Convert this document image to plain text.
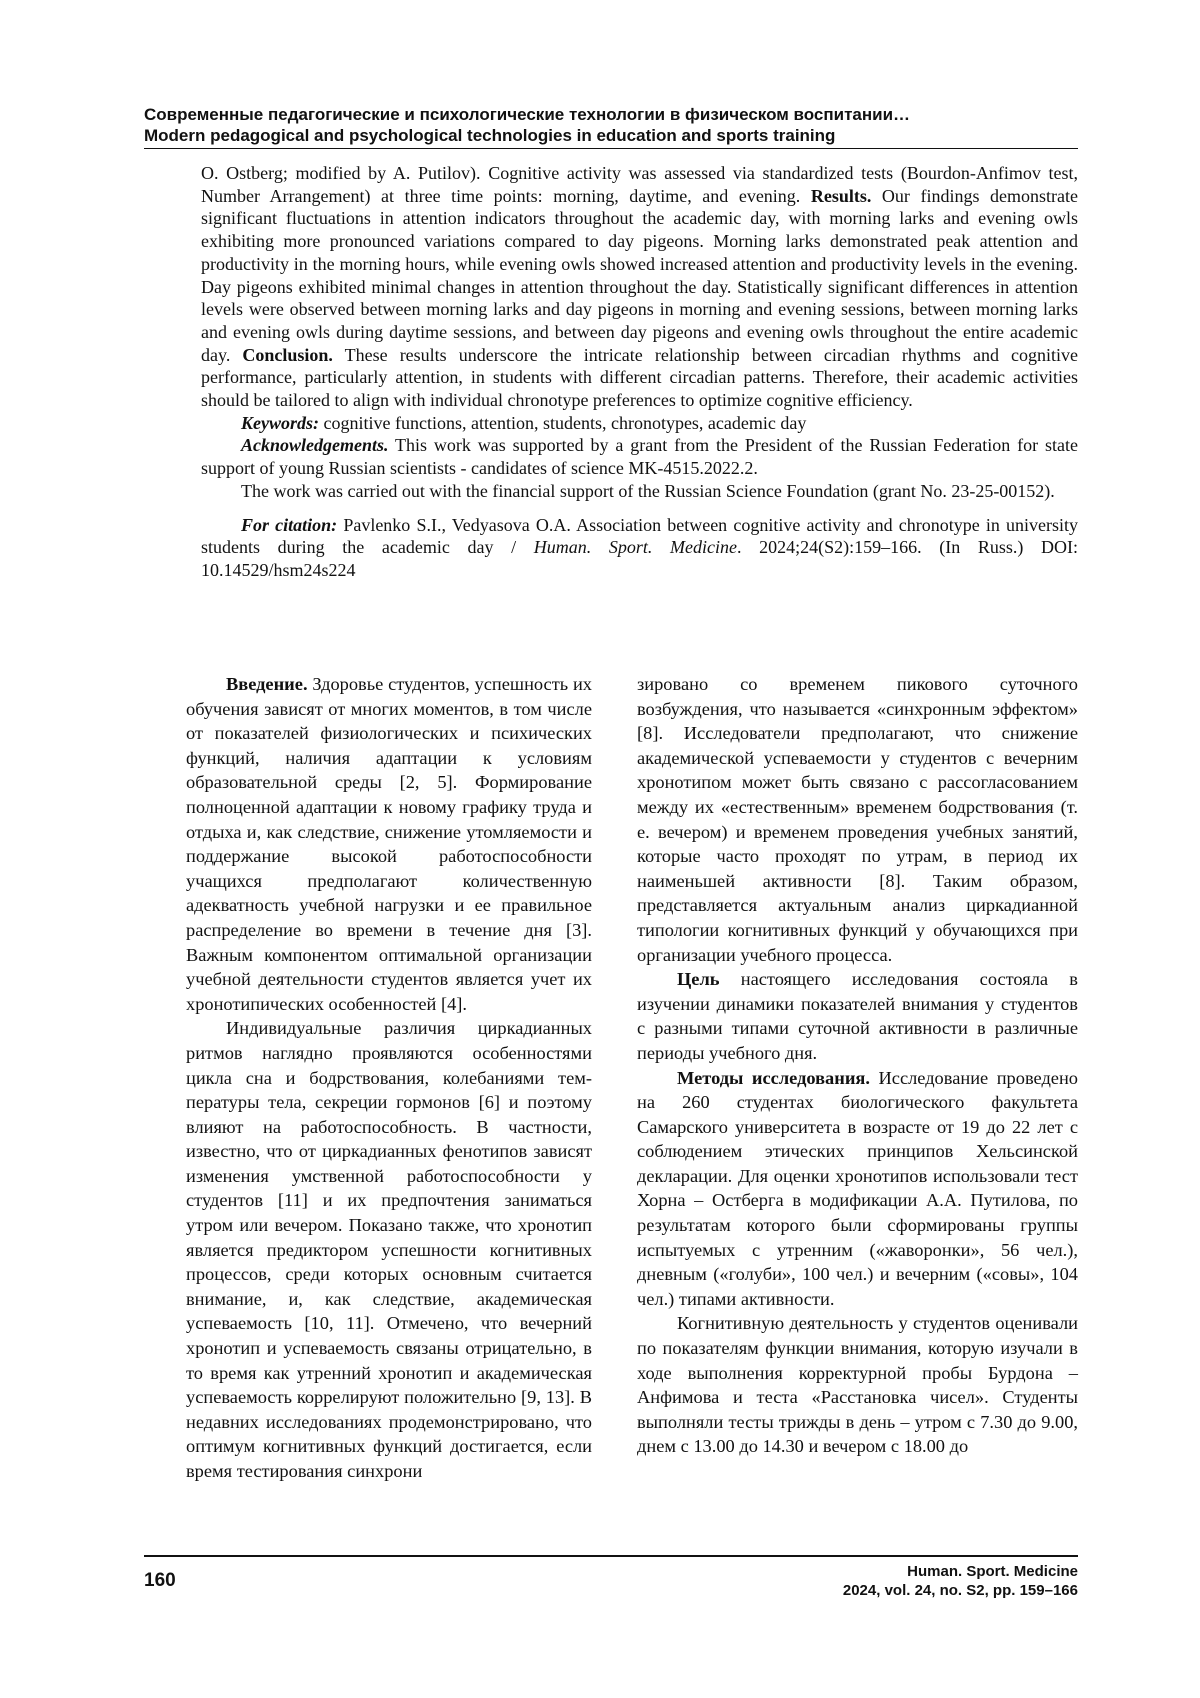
Современные педагогические и психологические технологии в физическом воспитании…
Modern pedagogical and psychological technologies in education and sports training

O. Ostberg; modified by A. Putilov). Cognitive activity was assessed via standardized tests (Bourdon-Anfimov test, Number Arrangement) at three time points: morning, daytime, and evening. Results. Our findings demonstrate significant fluctuations in attention indicators throughout the academic day, with morning larks and evening owls exhibiting more pronounced variations compared to day pigeons. Morning larks demonstrated peak attention and productivity in the morning hours, while evening owls showed increased attention and productivity levels in the evening. Day pigeons exhibited minimal changes in attention throughout the day. Statistically significant differences in attention levels were observed between morning larks and day pigeons in morning and evening sessions, between morning larks and evening owls during daytime sessions, and between day pigeons and evening owls throughout the entire academic day. Conclusion. These results underscore the intricate relationship between circadian rhythms and cognitive performance, particularly attention, in students with different circadian patterns. Therefore, their academic activities should be tailored to align with individual chronotype preferences to optimize cognitive efficiency.

Keywords: cognitive functions, attention, students, chronotypes, academic day

Acknowledgements. This work was supported by a grant from the President of the Russian Federation for state support of young Russian scientists - candidates of science MK-4515.2022.2.

The work was carried out with the financial support of the Russian Science Foundation (grant No. 23-25-00152).

For citation: Pavlenko S.I., Vedyasova O.A. Association between cognitive activity and chronotype in university students during the academic day / Human. Sport. Medicine. 2024;24(S2):159–166. (In Russ.) DOI: 10.14529/hsm24s224

Введение. Здоровье студентов, успешность их обучения зависят от многих моментов, в том числе от показателей физиологических и психических функций, наличия адаптации к условиям образовательной среды [2, 5]. Формирование полноценной адаптации к новому графику труда и отдыха и, как следствие, снижение утомляемости и поддержание высокой работоспособности учащихся предполагают количественную адекватность учебной нагрузки и ее правильное распределение во времени в течение дня [3]. Важным компонентом оптимальной организации учебной деятельности студентов является учет их хронотипических особенностей [4].

Индивидуальные различия циркадианных ритмов наглядно проявляются особенностями цикла сна и бодрствования, колебаниями температуры тела, секреции гормонов [6] и поэтому влияют на работоспособность. В частности, известно, что от циркадианных фенотипов зависят изменения умственной работоспособности у студентов [11] и их предпочтения заниматься утром или вечером. Показано также, что хронотип является предиктором успешности когнитивных процессов, среди которых основным считается внимание, и, как следствие, академическая успеваемость [10, 11]. Отмечено, что вечерний хронотип и успеваемость связаны отрицательно, в то время как утренний хронотип и академическая успеваемость коррелируют положительно [9, 13]. В недавних исследованиях продемонстрировано, что оптимум когнитивных функций достигается, если время тестирования синхрони

зировано со временем пикового суточного возбуждения, что называется «синхронным эффектом» [8]. Исследователи предполагают, что снижение академической успеваемости у студентов с вечерним хронотипом может быть связано с рассогласованием между их «естественным» временем бодрствования (т. е. вечером) и временем проведения учебных занятий, которые часто проходят по утрам, в период их наименьшей активности [8]. Таким образом, представляется актуальным анализ циркадианной типологии когнитивных функций у обучающихся при организации учебного процесса.

Цель настоящего исследования состояла в изучении динамики показателей внимания у студентов с разными типами суточной активности в различные периоды учебного дня.

Методы исследования. Исследование проведено на 260 студентах биологического факультета Самарского университета в возрасте от 19 до 22 лет с соблюдением этических принципов Хельсинской декларации. Для оценки хронотипов использовали тест Хорна – Остберга в модификации А.А. Путилова, по результатам которого были сформированы группы испытуемых с утренним («жаворонки», 56 чел.), дневным («голуби», 100 чел.) и вечерним («совы», 104 чел.) типами активности.

Когнитивную деятельность у студентов оценивали по показателям функции внимания, которую изучали в ходе выполнения корректурной пробы Бурдона – Анфимова и теста «Расстановка чисел». Студенты выполняли тесты трижды в день – утром с 7.30 до 9.00, днем с 13.00 до 14.30 и вечером с 18.00 до

160	Human. Sport. Medicine
2024, vol. 24, no. S2, pp. 159–166
